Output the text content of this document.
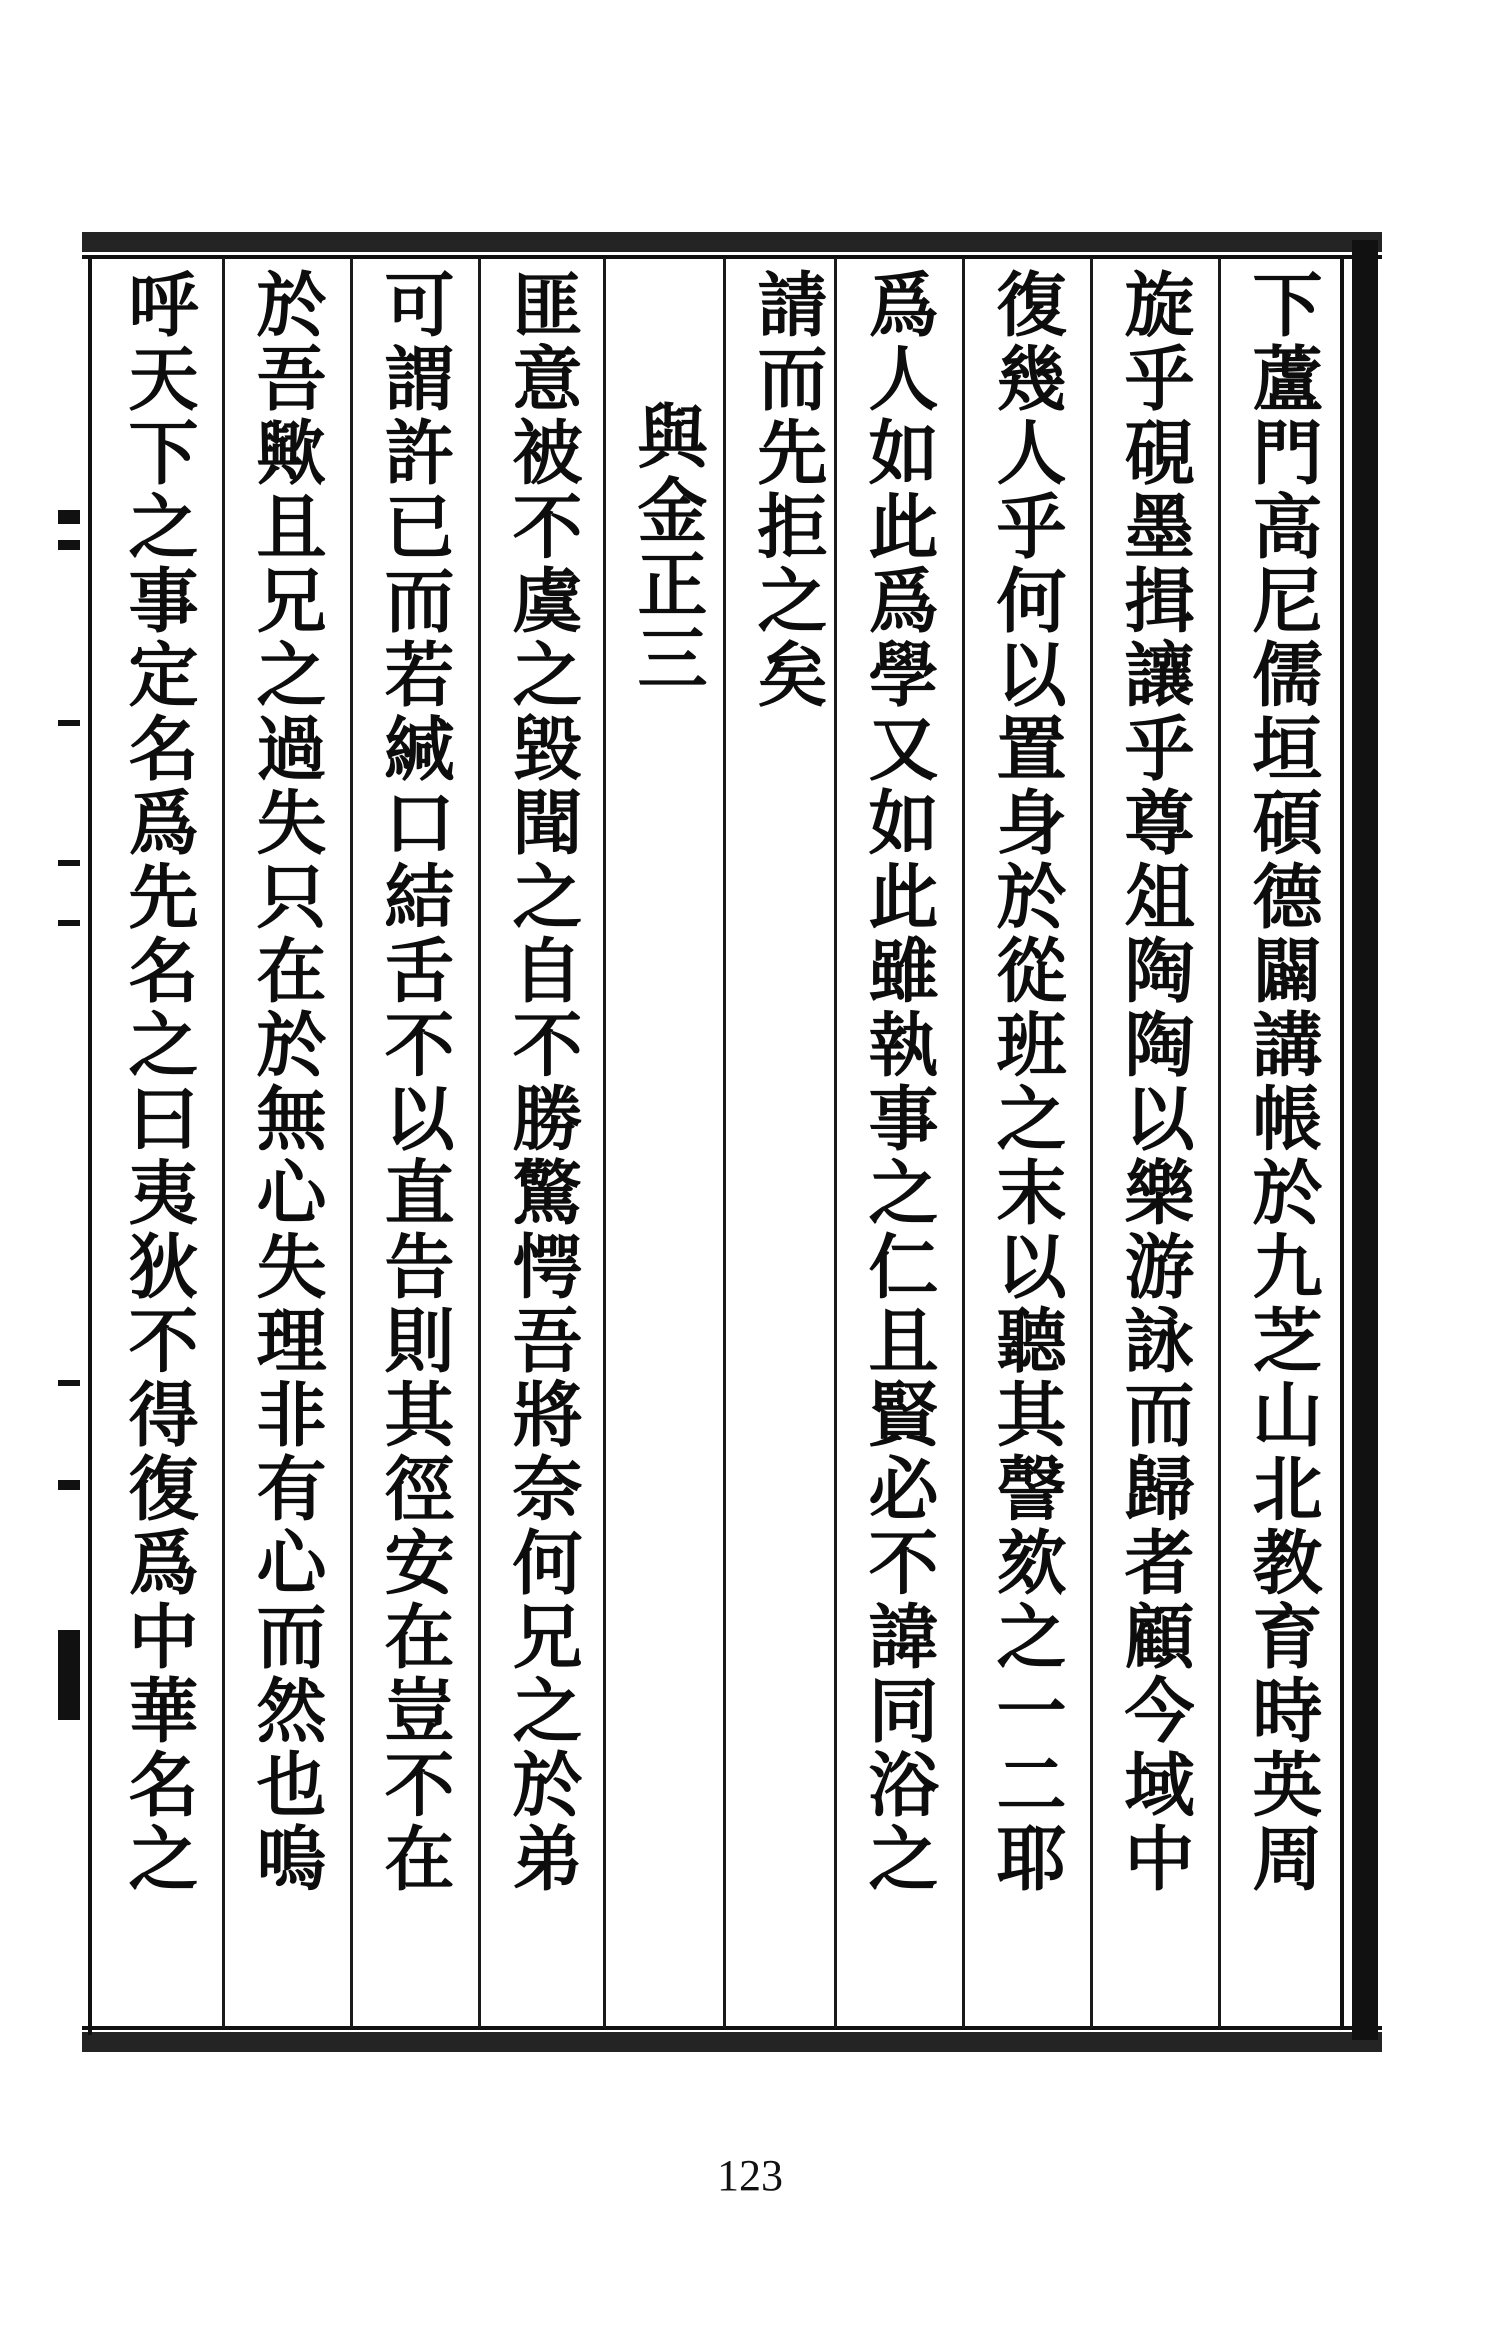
下蘆門高尼儒垣碩德闢講帳於九芝山北教育時英周
旋乎硯墨揖讓乎尊俎陶陶以樂游詠而歸者顧今域中
復幾人乎何以置身於從班之末以聽其謦欬之一二耶
爲人如此爲學又如此雖執事之仁且賢必不諱同浴之
請而先拒之矣
與金正三
匪意被不虞之毀聞之自不勝驚愕吾將奈何兄之於弟
可謂許已而若緘口結舌不以直告則其徑安在豈不在
於吾歟且兄之過失只在於無心失理非有心而然也嗚
呼天下之事定名爲先名之曰夷狄不得復爲中華名之
123
